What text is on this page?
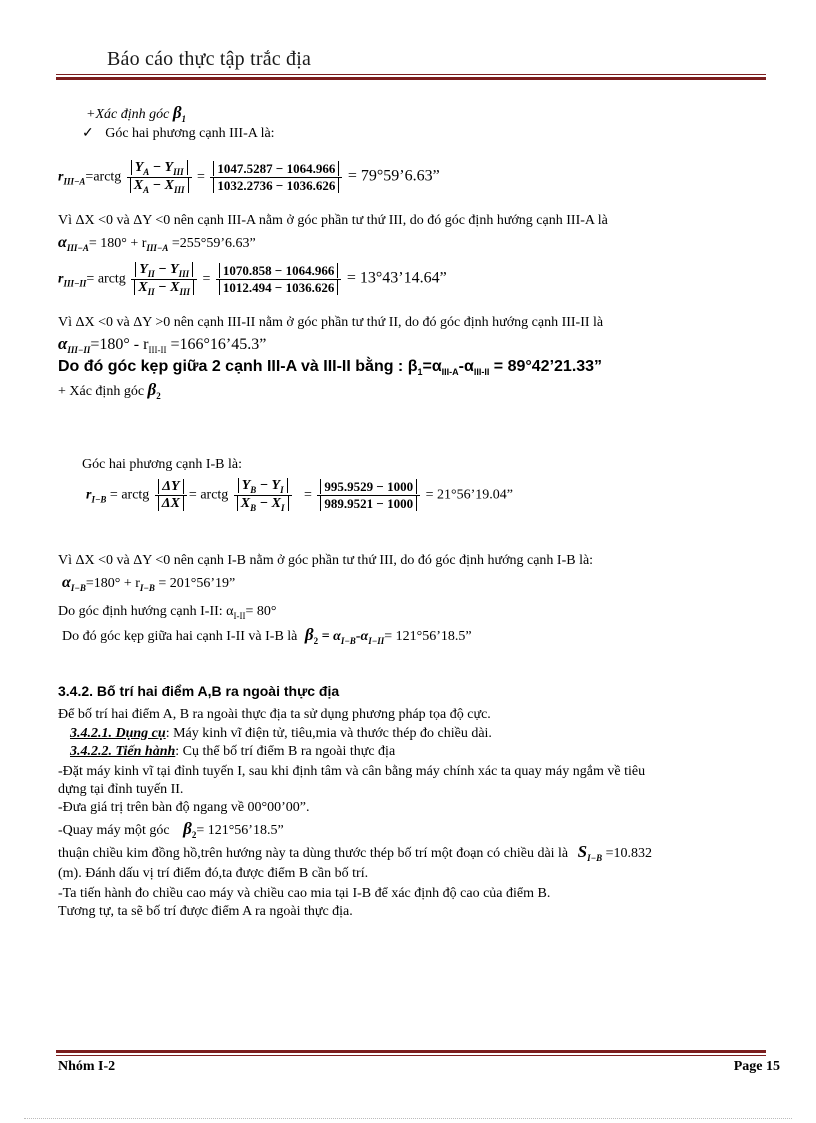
Báo cáo thực tập trắc địa
+Xác định góc $\beta_1$
✓ Góc hai phương cạnh III-A là:
$r_{III-A}=arctg \frac{Y_A - Y_{III}}{X_A - X_{III}} = \frac{1047.5287 - 1064.966}{1032.2736 - 1036.626}$ = 79°59’6.63”
Vì ΔX <0 và ΔY <0 nên cạnh III-A nằm ở góc phần tư thứ III, do đó góc định hướng cạnh III-A là
$\alpha_{III-A}= 180^\circ + r_{III-A}$ =255°59’6.63”
$r_{III-II}=$ arctg $\frac{Y_{II} - Y_{III}}{X_{II} - X_{III}} = \frac{1070.858 - 1064.966}{1012.494 - 1036.626}$ = 13°43’14.64”
Vì ΔX <0 và ΔY >0 nên cạnh III-II nằm ở góc phần tư thứ II, do đó góc định hướng cạnh III-II là
$\alpha_{III-II}=180^\circ - r_{III-II}$ =166°16’45.3”
Do đó góc kẹp giữa 2 cạnh III-A và III-II bằng : $\beta_1=\alpha_{III-A}-\alpha_{III-II}$ = 89°42’21.33”
+ Xác định góc $\beta_2$
Góc hai phương cạnh I-B là:
$r_{I-B}$ = arctg $\frac{\Delta Y}{\Delta X}$ = arctg $\frac{Y_B - Y_I}{X_B - X_I} = \frac{995.9529 - 1000}{989.9521 - 1000}$ = 21°56’19.04”
Vì ΔX <0 và ΔY <0 nên cạnh I-B nằm ở góc phần tư thứ III, do đó góc định hướng cạnh I-B là:
$\alpha_{I-B}=180^\circ + r_{I-B}$ = 201°56’19”
Do góc định hướng cạnh I-II: $\alpha_{I-II}= 80^\circ$
Do đó góc kẹp giữa hai cạnh I-II và I-B là $\beta_2 = \alpha_{I-B}-\alpha_{I-II}=$ 121°56’18.5”
3.4.2. Bố trí hai điểm A,B ra ngoài thực địa
Để bố trí hai điểm A, B ra ngoài thực địa ta sử dụng phương pháp tọa độ cực.
3.4.2.1. Dụng cụ: Máy kinh vĩ điện tử, tiêu,mia và thước thép đo chiều dài.
3.4.2.2. Tiến hành: Cụ thể bố trí điểm B ra ngoài thực địa
-Đặt máy kinh vĩ tại đỉnh tuyến I, sau khi định tâm và cân bằng máy chính xác ta quay máy ngắm về tiêu
dựng tại đỉnh tuyến II.
-Đưa giá trị trên bàn độ ngang về 00°00’00”.
-Quay máy một góc $\beta_2=$ 121°56’18.5”
thuận chiều kim đồng hồ,trên hướng này ta dùng thước thép bố trí một đoạn có chiều dài là $S_{I-B} =10.832$
(m). Đánh dấu vị trí điểm đó,ta được điểm B cần bố trí.
-Ta tiến hành đo chiều cao máy và chiều cao mia tại I-B để xác định độ cao của điểm B.
Tương tự, ta sẽ bố trí được điểm A ra ngoài thực địa.
Nhóm I-2	Page 15
